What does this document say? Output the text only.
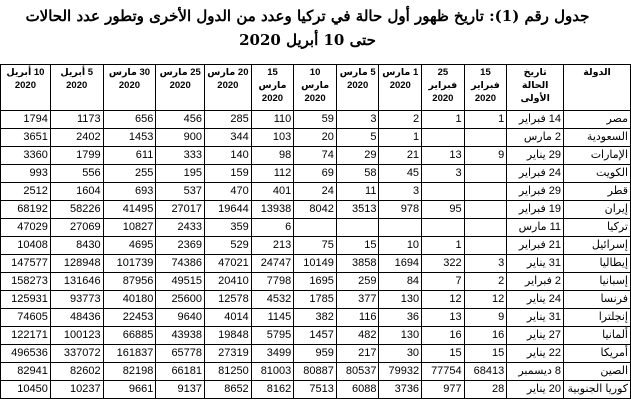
جدول رقم (1): تاريخ ظهور أول حالة في تركيا وعدد من الدول الأخرى وتطور عدد الحالات
حتى 10 أبريل 2020
الدولة	تاريخ الحالة الأولى	15 فبراير 2020	25 فبراير 2020	1 مارس 2020	5 مارس 2020	10 مارس 2020	15 مارس 2020	20 مارس 2020	25 مارس 2020	30 مارس 2020	5 أبريل 2020	10 أبريل 2020
مصر	14 فبراير	1	1	2	3	59	110	285	456	656	1173	1794
السعودية	2 مارس			1	5	20	103	344	900	1453	2402	3651
الإمارات	29 يناير	9	13	21	29	74	98	140	333	611	1799	3360
الكويت	24 فبراير		3	45	58	69	112	159	195	255	556	993
قطر	29 فبراير			3	11	24	401	470	537	693	1604	2512
إيران	19 فبراير		95	978	3513	8042	13938	19644	27017	41495	58226	68192
تركيا	11 مارس						6	359	2433	10827	27069	47029
إسرائيل	21 فبراير		1	10	15	75	213	529	2369	4695	8430	10408
إيطاليا	31 يناير	3	322	1694	3858	10149	24747	47021	74386	101739	128948	147577
إسبانيا	2 فبراير	2	7	84	259	1695	7798	20410	49515	87956	131646	158273
فرنسا	24 يناير	12	12	130	377	1785	4532	12578	25600	40180	93773	125931
إنجلترا	31 يناير	9	13	36	116	382	1145	4014	9640	22453	48436	74605
ألمانيا	27 يناير	16	16	130	482	1457	5795	19848	43938	66885	100123	122171
أمريكا	22 يناير	15	15	30	217	959	3499	27319	65778	161837	337072	496536
الصين	8 ديسمبر	68413	77754	79932	80537	80887	81003	81250	66181	82198	82602	82941
كوريا الجنوبية	20 يناير	28	977	3736	6088	7513	8162	8652	9137	9661	10237	10450
